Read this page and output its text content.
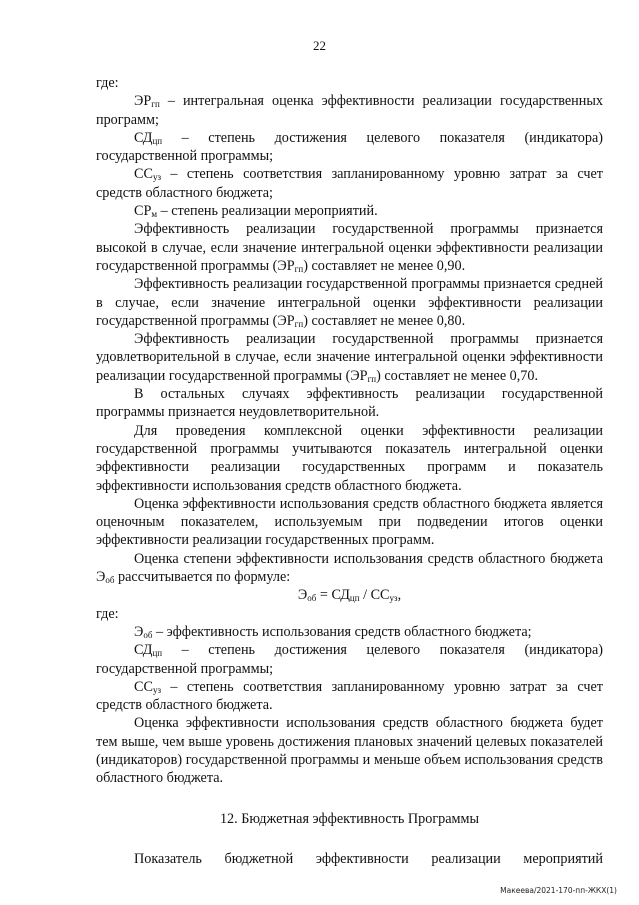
22

где:

$ЭР_{гп}$ – интегральная оценка эффективности реализации государственных программ;

$СД_{цп}$ – степень достижения целевого показателя (индикатора) государственной программы;

$СС_{уз}$ – степень соответствия запланированному уровню затрат за счет средств областного бюджета;

$СР_м$ – степень реализации мероприятий.

Эффективность реализации государственной программы признается высокой в случае, если значение интегральной оценки эффективности реализации государственной программы $(ЭР_{гп})$ составляет не менее 0,90.

Эффективность реализации государственной программы признается средней в случае, если значение интегральной оценки эффективности реализации государственной программы $(ЭР_{гп})$ составляет не менее 0,80.

Эффективность реализации государственной программы признается удовлетворительной в случае, если значение интегральной оценки эффективности реализации государственной программы $(ЭР_{гп})$ составляет не менее 0,70.

В остальных случаях эффективность реализации государственной программы признается неудовлетворительной.

Для проведения комплексной оценки эффективности реализации государственной программы учитываются показатель интегральной оценки эффективности реализации государственных программ и показатель эффективности использования средств областного бюджета.

Оценка эффективности использования средств областного бюджета является оценочным показателем, используемым при подведении итогов оценки эффективности реализации государственных программ.

Оценка степени эффективности использования средств областного бюджета $Э_{об}$ рассчитывается по формуле:

$Э_{об} = СД_{цп} / СС_{уз}$,

где:

$Э_{об}$ – эффективность использования средств областного бюджета;

$СД_{цп}$ – степень достижения целевого показателя (индикатора) государственной программы;

$СС_{уз}$ – степень соответствия запланированному уровню затрат за счет средств областного бюджета.

Оценка эффективности использования средств областного бюджета будет тем выше, чем выше уровень достижения плановых значений целевых показателей (индикаторов) государственной программы и меньше объем использования средств областного бюджета.

12. Бюджетная эффективность Программы

Показатель бюджетной эффективности реализации мероприятий

Макеева/2021-170-пп-ЖКХ(1)
